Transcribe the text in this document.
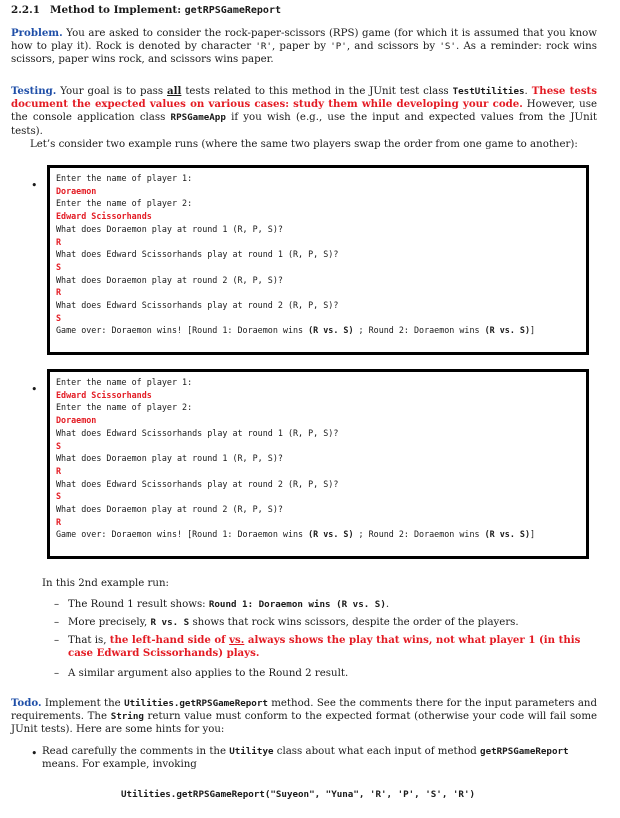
2.2.1 Method to Implement: getRPSGameReport
Problem. You are asked to consider the rock-paper-scissors (RPS) game (for which it is assumed that you know how to play it). Rock is denoted by character 'R', paper by 'P', and scissors by 'S'. As a reminder: rock wins scissors, paper wins rock, and scissors wins paper.
Testing. Your goal is to pass all tests related to this method in the JUnit test class TestUtilities. These tests document the expected values on various cases: study them while developing your code. However, use the console application class RPSGameApp if you wish (e.g., use the input and expected values from the JUnit tests).
Let’s consider two example runs (where the same two players swap the order from one game to another):
•
Enter the name of player 1:
Doraemon
Enter the name of player 2:
Edward Scissorhands
What does Doraemon play at round 1 (R, P, S)?
R
What does Edward Scissorhands play at round 1 (R, P, S)?
S
What does Doraemon play at round 2 (R, P, S)?
R
What does Edward Scissorhands play at round 2 (R, P, S)?
S
Game over: Doraemon wins! [Round 1: Doraemon wins (R vs. S) ; Round 2: Doraemon wins (R vs. S)]
•
Enter the name of player 1:
Edward Scissorhands
Enter the name of player 2:
Doraemon
What does Edward Scissorhands play at round 1 (R, P, S)?
S
What does Doraemon play at round 1 (R, P, S)?
R
What does Edward Scissorhands play at round 2 (R, P, S)?
S
What does Doraemon play at round 2 (R, P, S)?
R
Game over: Doraemon wins! [Round 1: Doraemon wins (R vs. S) ; Round 2: Doraemon wins (R vs. S)]
In this 2nd example run:
– The Round 1 result shows: Round 1: Doraemon wins (R vs. S).
– More precisely, R vs. S shows that rock wins scissors, despite the order of the players.
– That is, the left-hand side of vs. always shows the play that wins, not what player 1 (in this case Edward Scissorhands) plays.
– A similar argument also applies to the Round 2 result.
Todo. Implement the Utilities.getRPSGameReport method. See the comments there for the input parameters and requirements. The String return value must conform to the expected format (otherwise your code will fail some JUnit tests). Here are some hints for you:
• Read carefully the comments in the Utilitye class about what each input of method getRPSGameReport means. For example, invoking
Utilities.getRPSGameReport("Suyeon", "Yuna", 'R', 'P', 'S', 'R')
